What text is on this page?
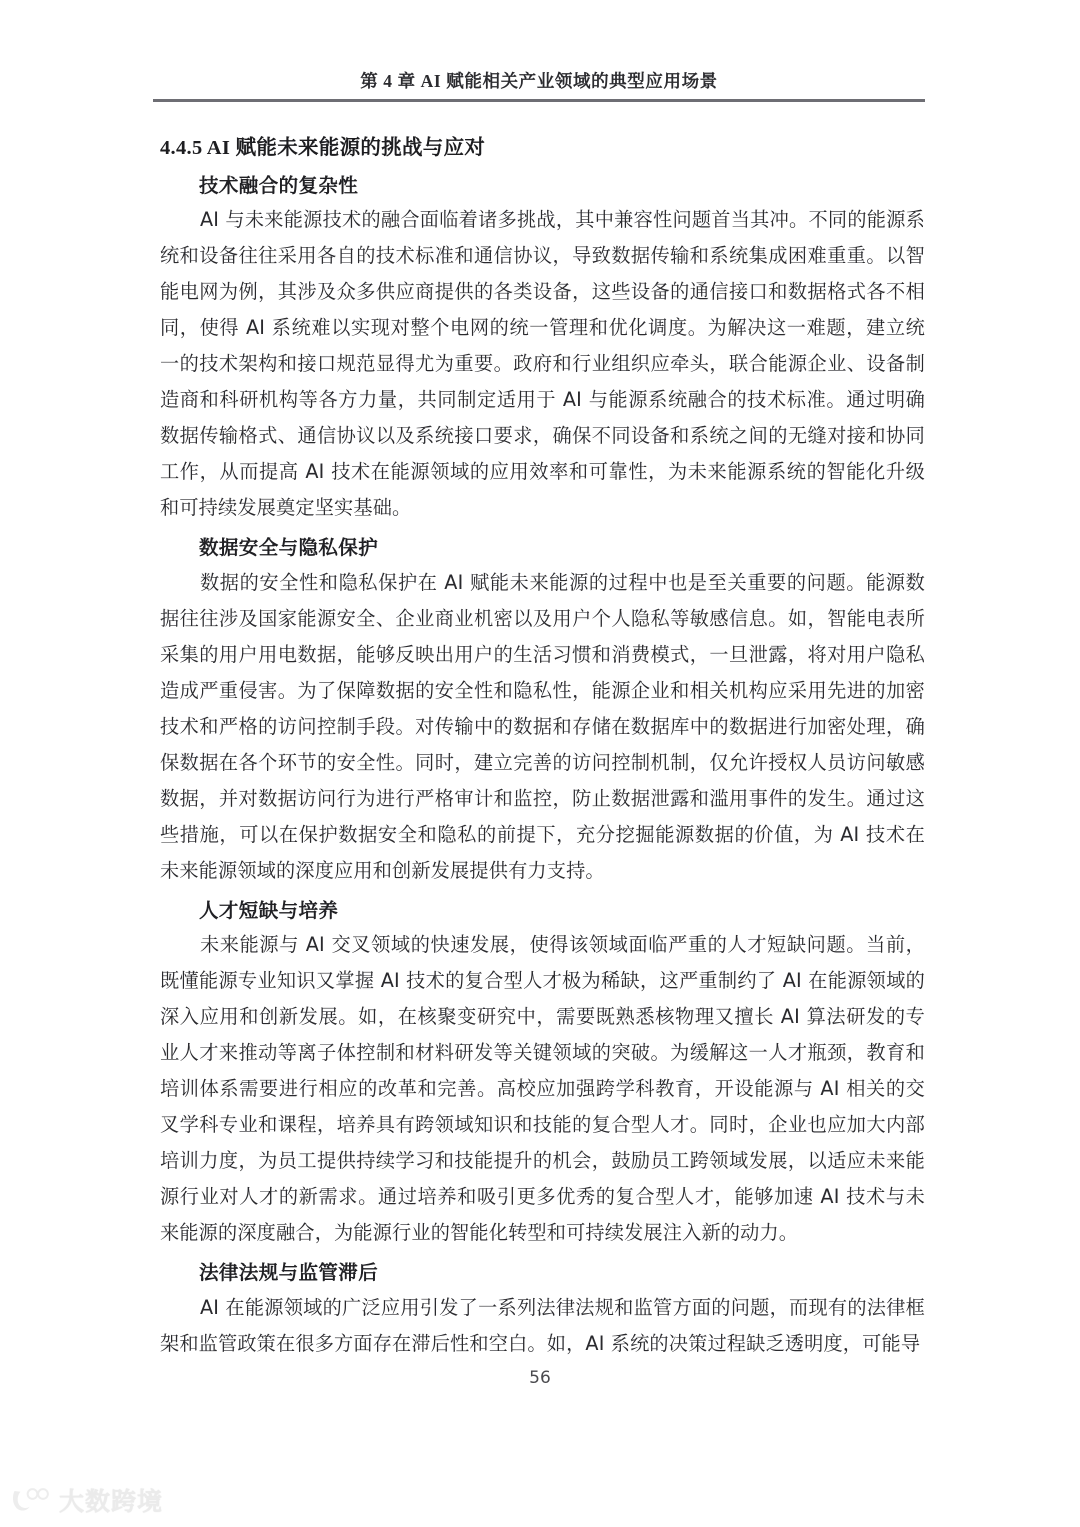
第 4 章 AI 赋能相关产业领域的典型应用场景
4.4.5 AI 赋能未来能源的挑战与应对
技术融合的复杂性

AI 与未来能源技术的融合面临着诸多挑战，其中兼容性问题首当其冲。不同的能源系统和设备往往采用各自的技术标准和通信协议，导致数据传输和系统集成困难重重。以智能电网为例，其涉及众多供应商提供的各类设备，这些设备的通信接口和数据格式各不相同，使得 AI 系统难以实现对整个电网的统一管理和优化调度。为解决这一难题，建立统一的技术架构和接口规范显得尤为重要。政府和行业组织应牵头，联合能源企业、设备制造商和科研机构等各方力量，共同制定适用于 AI 与能源系统融合的技术标准。通过明确数据传输格式、通信协议以及系统接口要求，确保不同设备和系统之间的无缝对接和协同工作，从而提高 AI 技术在能源领域的应用效率和可靠性，为未来能源系统的智能化升级和可持续发展奠定坚实基础。

数据安全与隐私保护

数据的安全性和隐私保护在 AI 赋能未来能源的过程中也是至关重要的问题。能源数据往往涉及国家能源安全、企业商业机密以及用户个人隐私等敏感信息。如，智能电表所采集的用户用电数据，能够反映出用户的生活习惯和消费模式，一旦泄露，将对用户隐私造成严重侵害。为了保障数据的安全性和隐私性，能源企业和相关机构应采用先进的加密技术和严格的访问控制手段。对传输中的数据和存储在数据库中的数据进行加密处理，确保数据在各个环节的安全性。同时，建立完善的访问控制机制，仅允许授权人员访问敏感数据，并对数据访问行为进行严格审计和监控，防止数据泄露和滥用事件的发生。通过这些措施，可以在保护数据安全和隐私的前提下，充分挖掘能源数据的价值，为 AI 技术在未来能源领域的深度应用和创新发展提供有力支持。

人才短缺与培养

未来能源与 AI 交叉领域的快速发展，使得该领域面临严重的人才短缺问题。当前，既懂能源专业知识又掌握 AI 技术的复合型人才极为稀缺，这严重制约了 AI 在能源领域的深入应用和创新发展。如，在核聚变研究中，需要既熟悉核物理又擅长 AI 算法研发的专业人才来推动等离子体控制和材料研发等关键领域的突破。为缓解这一人才瓶颈，教育和培训体系需要进行相应的改革和完善。高校应加强跨学科教育，开设能源与 AI 相关的交叉学科专业和课程，培养具有跨领域知识和技能的复合型人才。同时，企业也应加大内部培训力度，为员工提供持续学习和技能提升的机会，鼓励员工跨领域发展，以适应未来能源行业对人才的新需求。通过培养和吸引更多优秀的复合型人才，能够加速 AI 技术与未来能源的深度融合，为能源行业的智能化转型和可持续发展注入新的动力。

法律法规与监管滞后

AI 在能源领域的广泛应用引发了一系列法律法规和监管方面的问题，而现有的法律框架和监管政策在很多方面存在滞后性和空白。如，AI 系统的决策过程缺乏透明度，可能导

56
大数跨境
